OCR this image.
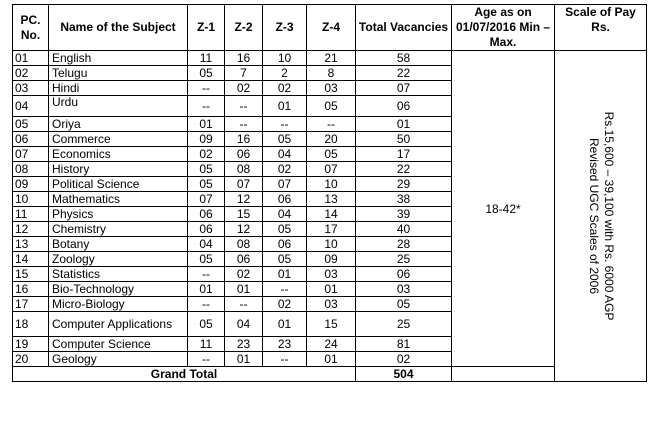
PC. No.	Name of the Subject	Z-1	Z-2	Z-3	Z-4	Total Vacancies	Age as on 01/07/2016 Min – Max.	Scale of Pay Rs.
01	English	11	16	10	21	58	18-42*	Rs.15,600 – 39,100 with Rs. 6000 AGP
Revised UGC Scales of 2006

02	Telugu	05	7	2	8	22		
03	Hindi	--	02	02	03	07		
04	Urdu	--	--	01	05	06		
05	Oriya	01	--	--	--	01		
06	Commerce	09	16	05	20	50		
07	Economics	02	06	04	05	17		
08	History	05	08	02	07	22		
09	Political Science	05	07	07	10	29		
10	Mathematics	07	12	06	13	38		
11	Physics	06	15	04	14	39		
12	Chemistry	06	12	05	17	40		
13	Botany	04	08	06	10	28		
14	Zoology	05	06	05	09	25		
15	Statistics	--	02	01	03	06		
16	Bio-Technology	01	01	--	01	03		
17	Micro-Biology	--	--	02	03	05		
18	Computer Applications	05	04	01	15	25		
19	Computer Science	11	23	23	24	81		
20	Geology	--	01	--	01	02		
Grand Total						504		
